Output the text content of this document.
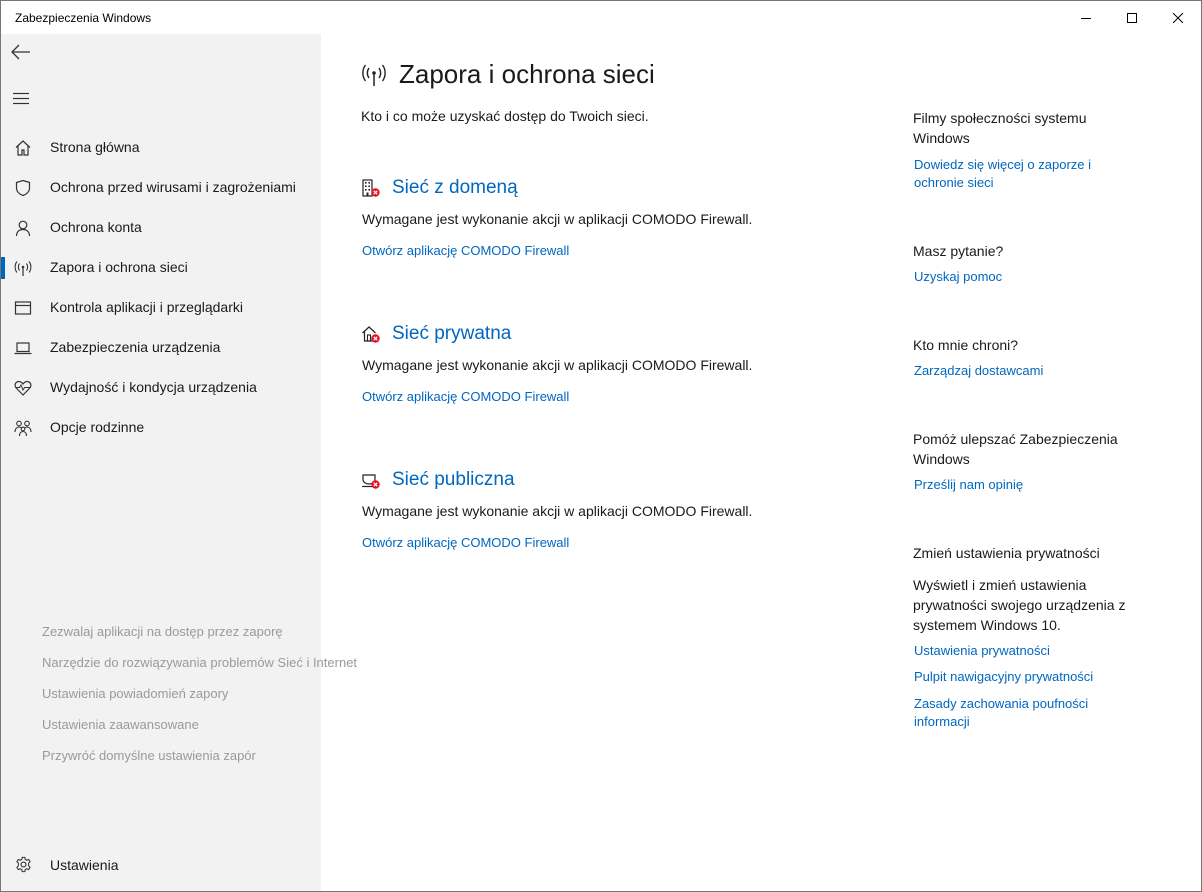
Zabezpieczenia Windows
Strona główna
Ochrona przed wirusami i zagrożeniami
Ochrona konta
Zapora i ochrona sieci
Kontrola aplikacji i przeglądarki
Zabezpieczenia urządzenia
Wydajność i kondycja urządzenia
Opcje rodzinne
Ustawienia
Zapora i ochrona sieci
Kto i co może uzyskać dostęp do Twoich sieci.
Sieć z domeną
Wymagane jest wykonanie akcji w aplikacji COMODO Firewall.
Otwórz aplikację COMODO Firewall
Sieć prywatna
Wymagane jest wykonanie akcji w aplikacji COMODO Firewall.
Otwórz aplikację COMODO Firewall
Sieć publiczna
Wymagane jest wykonanie akcji w aplikacji COMODO Firewall.
Otwórz aplikację COMODO Firewall
Zezwalaj aplikacji na dostęp przez zaporę
Narzędzie do rozwiązywania problemów Sieć i Internet
Ustawienia powiadomień zapory
Ustawienia zaawansowane
Przywróć domyślne ustawienia zapór
Filmy społeczności systemu Windows
Dowiedz się więcej o zaporze i ochronie sieci
Masz pytanie?
Uzyskaj pomoc
Kto mnie chroni?
Zarządzaj dostawcami
Pomóż ulepszać Zabezpieczenia Windows
Prześlij nam opinię
Zmień ustawienia prywatności
Wyświetl i zmień ustawienia prywatności swojego urządzenia z systemem Windows 10.
Ustawienia prywatności
Pulpit nawigacyjny prywatności
Zasady zachowania poufności informacji
